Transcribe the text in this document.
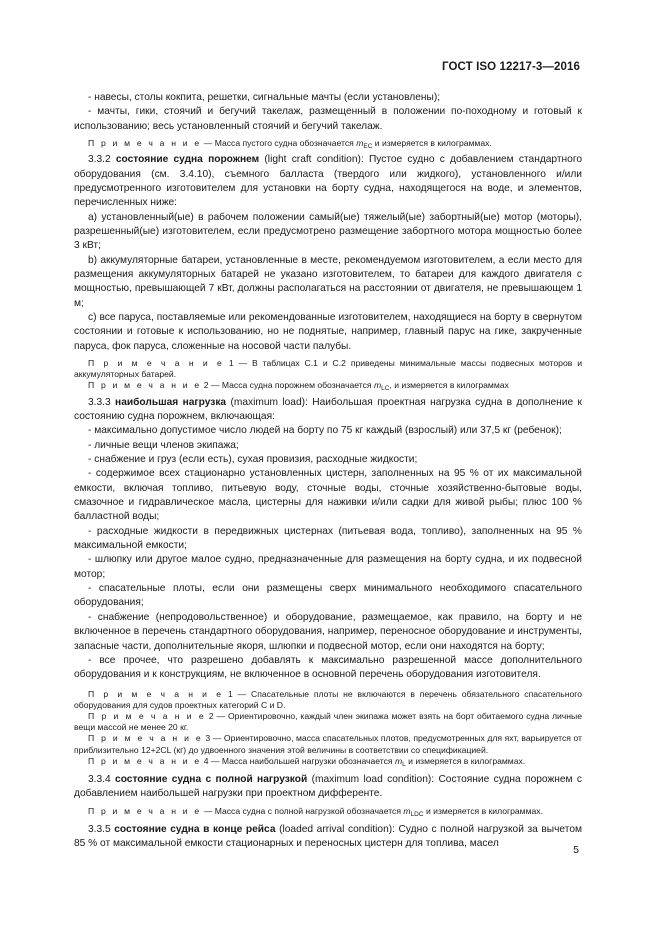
ГОСТ ISO 12217-3—2016

- навесы, столы кокпита, решетки, сигнальные мачты (если установлены);

- мачты, гики, стоячий и бегучий такелаж, размещенный в положении по-походному и готовый к использованию; весь установленный стоячий и бегучий такелаж.

П р и м е ч а н и е — Масса пустого судна обозначается $m_{EC}$ и измеряется в килограммах.

3.3.2 состояние судна порожнем (light craft condition): Пустое судно с добавлением стандартного оборудования (см. 3.4.10), съемного балласта (твердого или жидкого), установленного и/или предусмотренного изготовителем для установки на борту судна, находящегося на воде, и элементов, перечисленных ниже:

а) установленный(ые) в рабочем положении самый(ые) тяжелый(ые) забортный(ые) мотор (моторы), разрешенный(ые) изготовителем, если предусмотрено размещение забортного мотора мощностью более 3 кВт;

b) аккумуляторные батареи, установленные в месте, рекомендуемом изготовителем, а если место для размещения аккумуляторных батарей не указано изготовителем, то батареи для каждого двигателя с мощностью, превышающей 7 кВт, должны располагаться на расстоянии от двигателя, не превышающем 1 м;

с) все паруса, поставляемые или рекомендованные изготовителем, находящиеся на борту в свернутом состоянии и готовые к использованию, но не поднятые, например, главный парус на гике, закрученные паруса, фок паруса, сложенные на носовой части палубы.

П р и м е ч а н и е 1 — В таблицах С.1 и С.2 приведены минимальные массы подвесных моторов и аккумуляторных батарей.

П р и м е ч а н и е 2 — Масса судна порожнем обозначается $m_{LC}$, и измеряется в килограммах

3.3.3 наибольшая нагрузка (maximum load): Наибольшая проектная нагрузка судна в дополнение к состоянию судна порожнем, включающая:

- максимально допустимое число людей на борту по 75 кг каждый (взрослый) или 37,5 кг (ребенок);

- личные вещи членов экипажа;

- снабжение и груз (если есть), сухая провизия, расходные жидкости;

- содержимое всех стационарно установленных цистерн, заполненных на 95 % от их максимальной емкости, включая топливо, питьевую воду, сточные воды, сточные хозяйственно-бытовые воды, смазочное и гидравлическое масла, цистерны для наживки и/или садки для живой рыбы; плюс 100 % балластной воды;

- расходные жидкости в передвижных цистернах (питьевая вода, топливо), заполненных на 95 % максимальной емкости;

- шлюпку или другое малое судно, предназначенные для размещения на борту судна, и их подвесной мотор;

- спасательные плоты, если они размещены сверх минимального необходимого спасательного оборудования;

- снабжение (непродовольственное) и оборудование, размещаемое, как правило, на борту и не включенное в перечень стандартного оборудования, например, переносное оборудование и инструменты, запасные части, дополнительные якоря, шлюпки и подвесной мотор, если они находятся на борту;

- все прочее, что разрешено добавлять к максимально разрешенной массе дополнительного оборудования и к конструкциям, не включенное в основной перечень оборудования изготовителя.

П р и м е ч а н и е 1 — Спасательные плоты не включаются в перечень обязательного спасательного оборудования для судов проектных категорий С и D.

П р и м е ч а н и е 2 — Ориентировочно, каждый член экипажа может взять на борт обитаемого судна личные вещи массой не менее 20 кг.

П р и м е ч а н и е 3 — Ориентировочно, масса спасательных плотов, предусмотренных для яхт, варьируется от приблизительно 12+2CL (кг) до удвоенного значения этой величины в соответствии со спецификацией.

П р и м е ч а н и е 4 — Масса наибольшей нагрузки обозначается $m_L$ и измеряется в килограммах.

3.3.4 состояние судна с полной нагрузкой (maximum load condition): Состояние судна порожнем с добавлением наибольшей нагрузки при проектном дифференте.

П р и м е ч а н и е — Масса судна с полной нагрузкой обозначается $m_{LDC}$ и измеряется в килограммах.

3.3.5 состояние судна в конце рейса (loaded arrival condition): Судно с полной нагрузкой за вычетом 85 % от максимальной емкости стационарных и переносных цистерн для топлива, масел

5
